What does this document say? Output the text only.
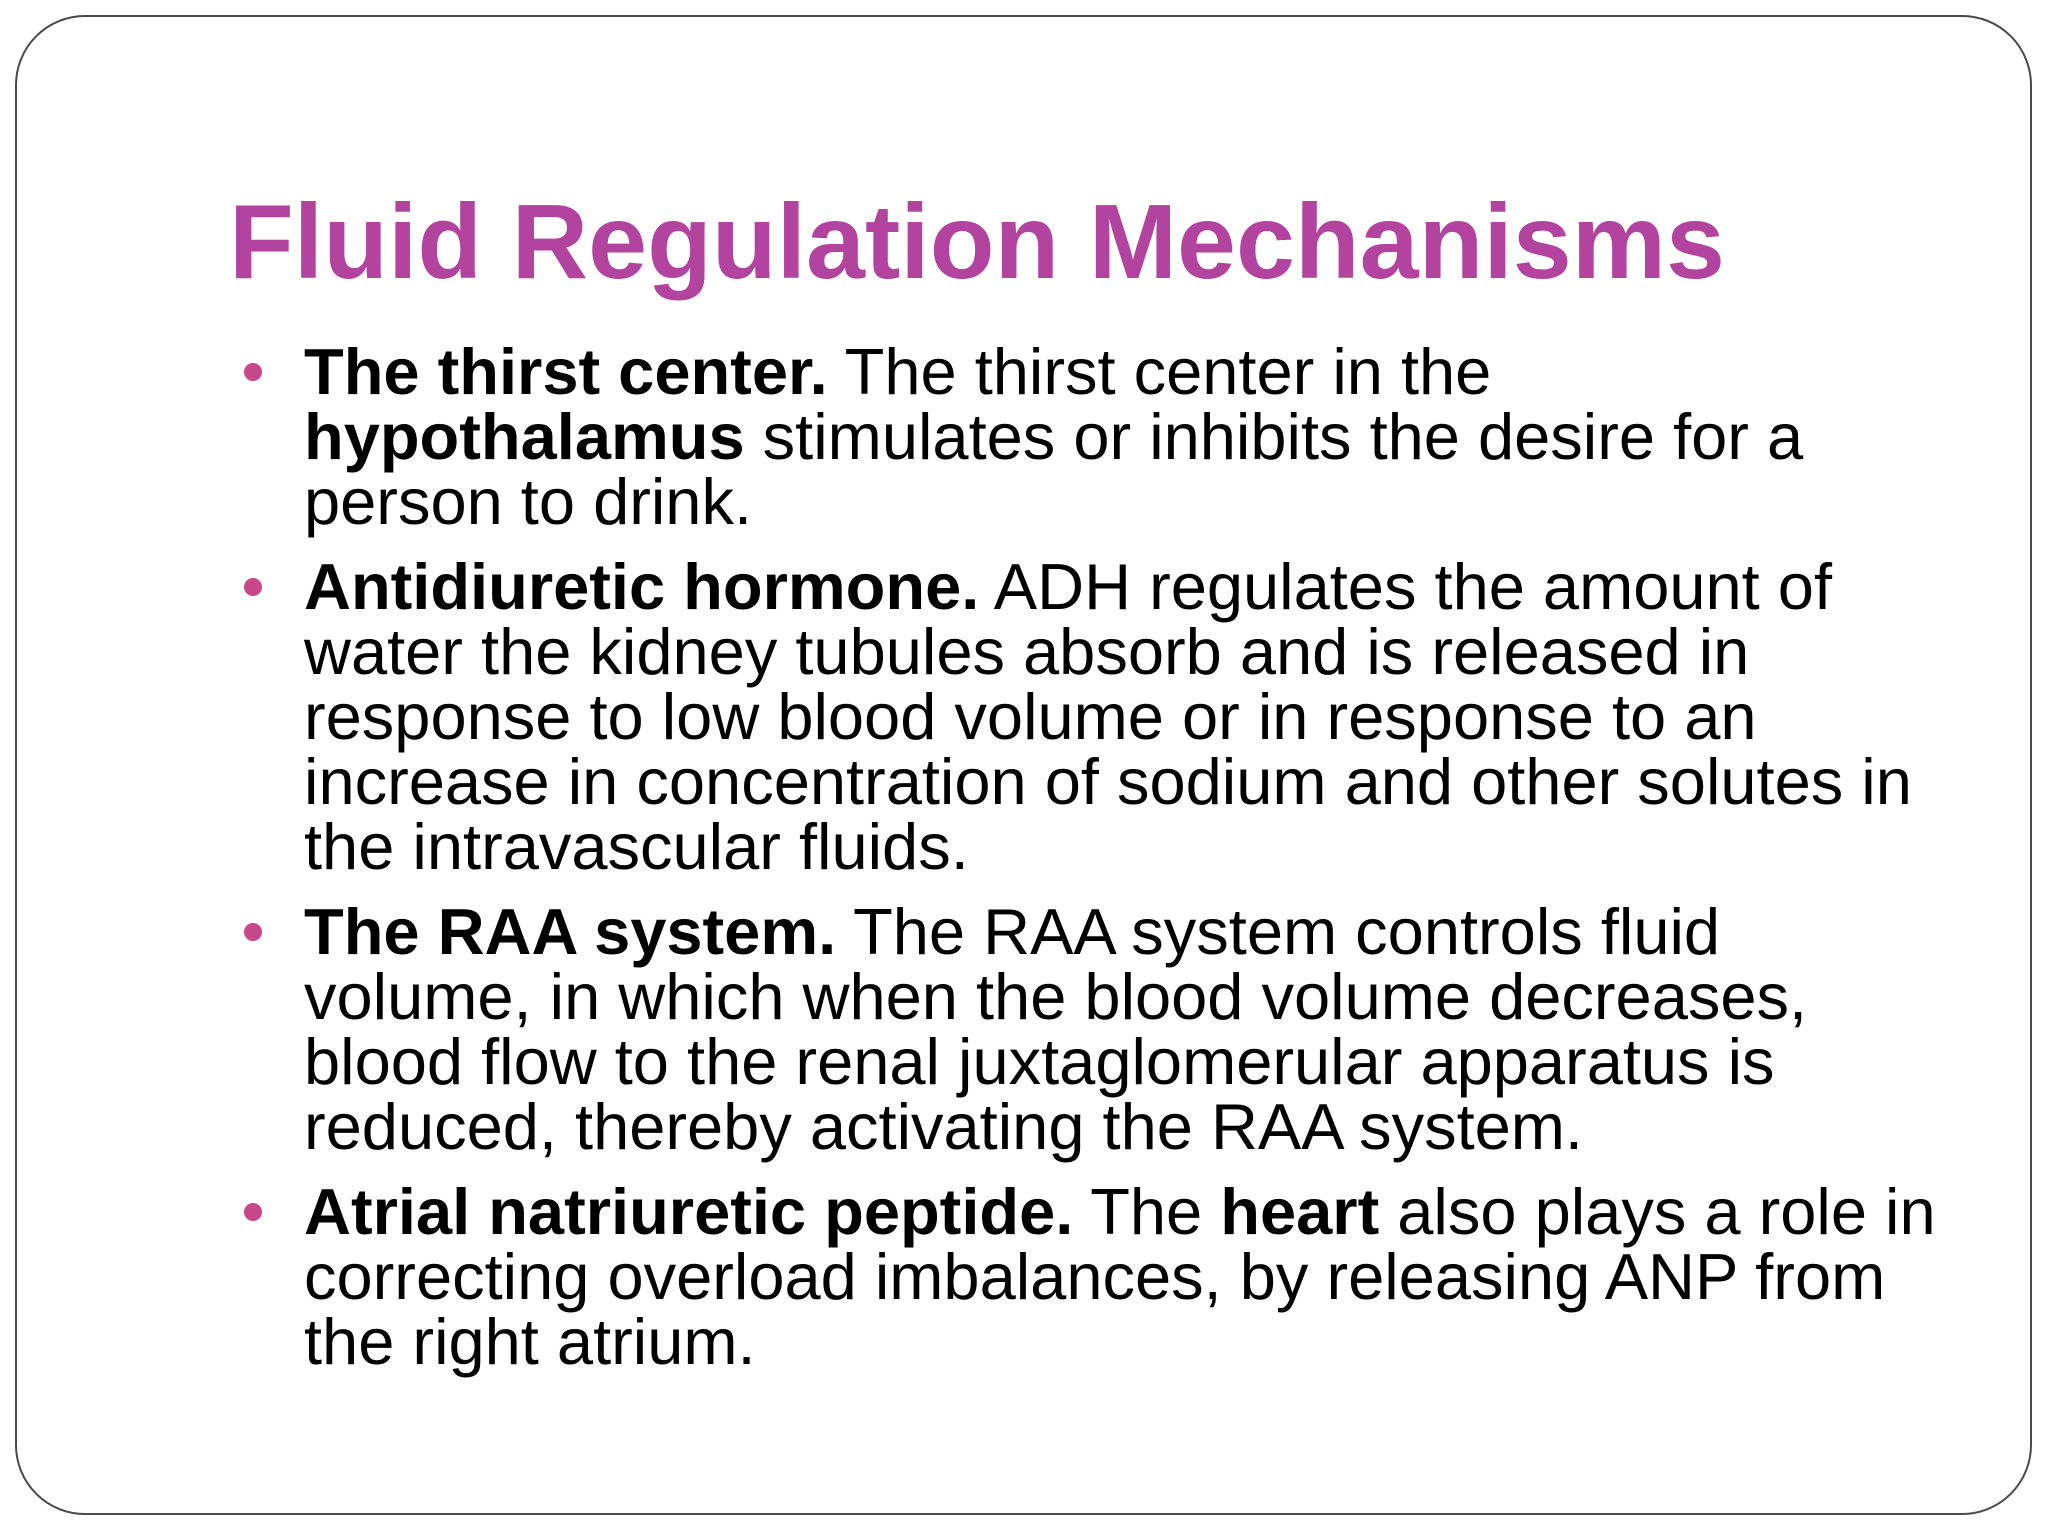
Fluid Regulation Mechanisms
The thirst center. The thirst center in the hypothalamus stimulates or inhibits the desire for a person to drink.
Antidiuretic hormone. ADH regulates the amount of water the kidney tubules absorb and is released in response to low blood volume or in response to an increase in concentration of sodium and other solutes in the intravascular fluids.
The RAA system. The RAA system controls fluid volume, in which when the blood volume decreases, blood flow to the renal juxtaglomerular apparatus is reduced, thereby activating the RAA system.
Atrial natriuretic peptide. The heart also plays a role in correcting overload imbalances, by releasing ANP from the right atrium.
